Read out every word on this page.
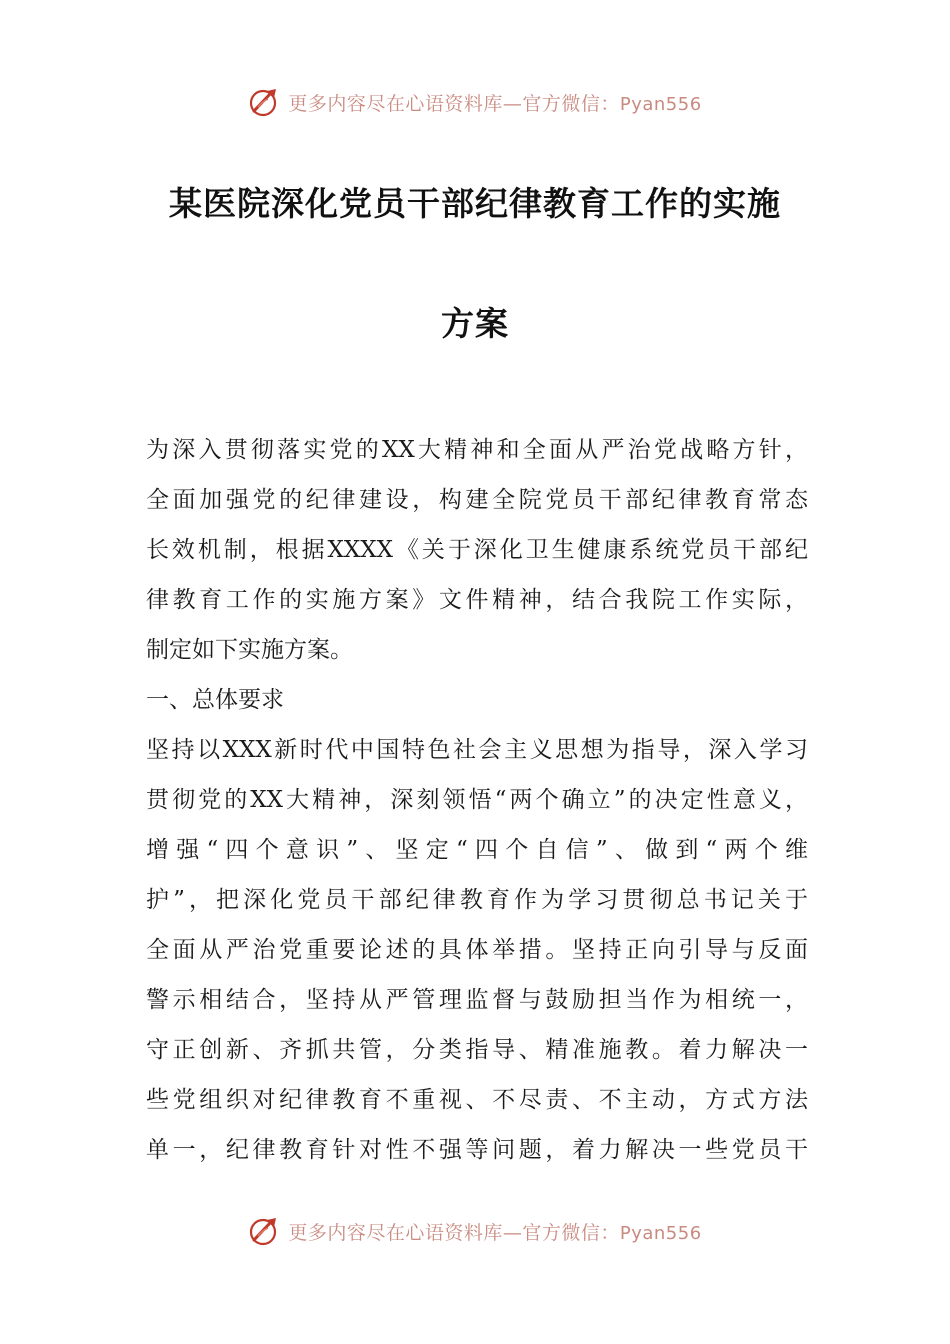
更多内容尽在心语资料库—官方微信：Pyan556
某医院深化党员干部纪律教育工作的实施
方案
为深入贯彻落实党的XX大精神和全面从严治党战略方针，
全面加强党的纪律建设，构建全院党员干部纪律教育常态
长效机制，根据XXXX《关于深化卫生健康系统党员干部纪
律教育工作的实施方案》文件精神，结合我院工作实际，
制定如下实施方案。
一、总体要求
坚持以XXX新时代中国特色社会主义思想为指导，深入学习
贯彻党的XX大精神，深刻领悟“两个确立”的决定性意义，
增强“四个意识”、坚定“四个自信”、做到“两个维
护”，把深化党员干部纪律教育作为学习贯彻总书记关于
全面从严治党重要论述的具体举措。坚持正向引导与反面
警示相结合，坚持从严管理监督与鼓励担当作为相统一，
守正创新、齐抓共管，分类指导、精准施教。着力解决一
些党组织对纪律教育不重视、不尽责、不主动，方式方法
单一，纪律教育针对性不强等问题，着力解决一些党员干
更多内容尽在心语资料库—官方微信：Pyan556
